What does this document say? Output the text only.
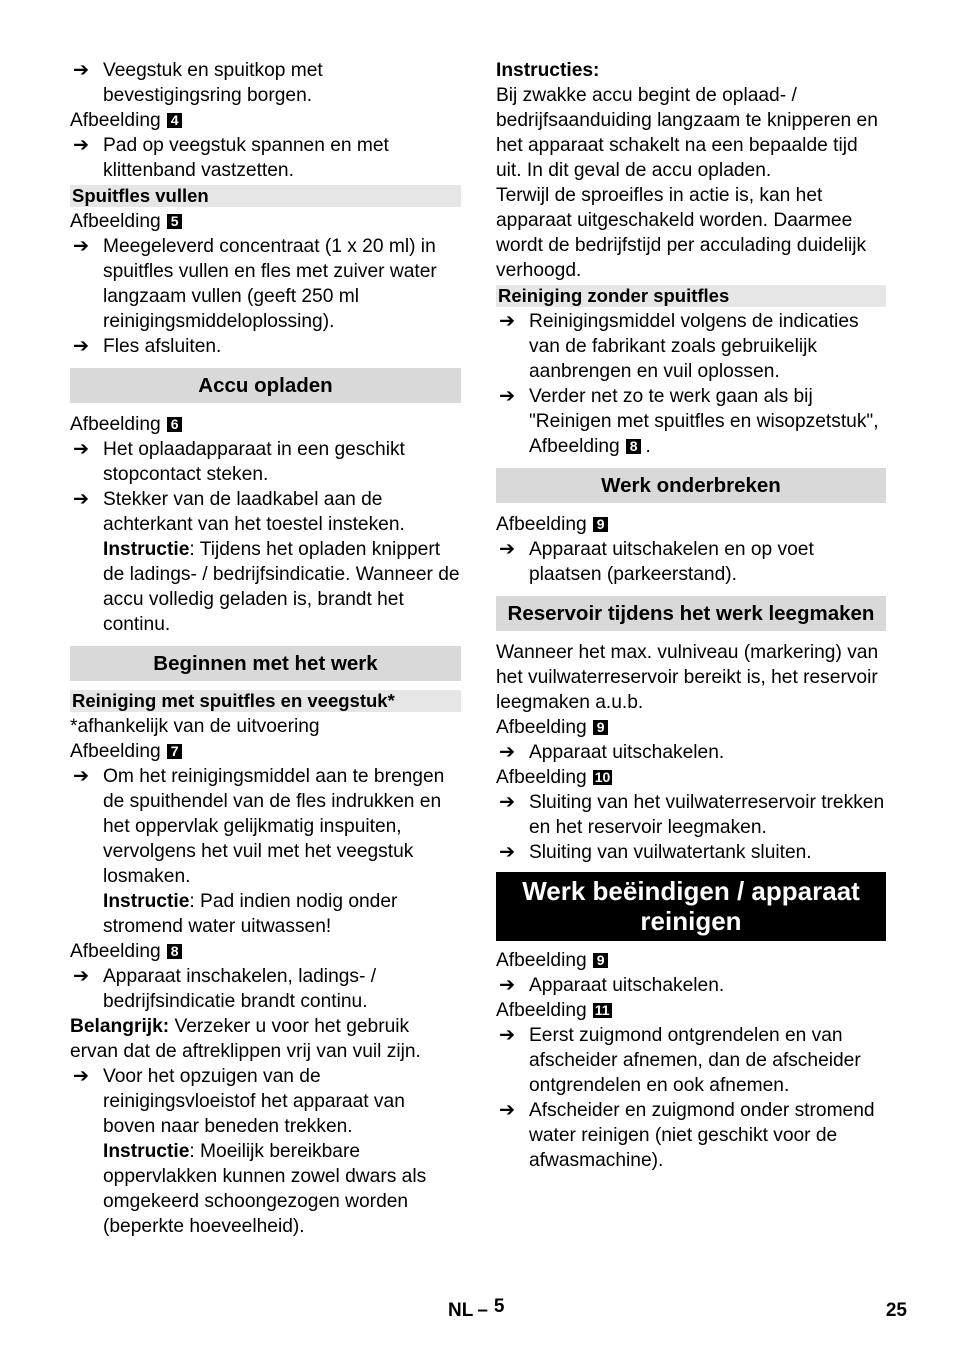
➔ Veegstuk en spuitkop met bevestigingsring borgen.
Afbeelding 4
➔ Pad op veegstuk spannen en met klittenband vastzetten.
Spuitfles vullen
Afbeelding 5
➔ Meegeleverd concentraat (1 x 20 ml) in spuitfles vullen en fles met zuiver water langzaam vullen (geeft 250 ml reinigingsmiddeloplossing).
➔ Fles afsluiten.
Accu opladen
Afbeelding 6
➔ Het oplaadapparaat in een geschikt stopcontact steken.
➔ Stekker van de laadkabel aan de achterkant van het toestel insteken.
Instructie: Tijdens het opladen knippert de ladings- / bedrijfsindicatie. Wanneer de accu volledig geladen is, brandt het continu.
Beginnen met het werk
Reiniging met spuitfles en veegstuk*
*afhankelijk van de uitvoering
Afbeelding 7
➔ Om het reinigingsmiddel aan te brengen de spuithendel van de fles indrukken en het oppervlak gelijkmatig inspuiten, vervolgens het vuil met het veegstuk losmaken.
Instructie: Pad indien nodig onder stromend water uitwassen!
Afbeelding 8
➔ Apparaat inschakelen, ladings- / bedrijfsindicatie brandt continu.
Belangrijk: Verzeker u voor het gebruik ervan dat de aftreklippen vrij van vuil zijn.
➔ Voor het opzuigen van de reinigingsvloeistof het apparaat van boven naar beneden trekken.
Instructie: Moeilijk bereikbare oppervlakken kunnen zowel dwars als omgekeerd schoongezogen worden (beperkte hoeveelheid).
Instructies:
Bij zwakke accu begint de oplaad- / bedrijfsaanduiding langzaam te knipperen en het apparaat schakelt na een bepaalde tijd uit. In dit geval de accu opladen.
Terwijl de sproeifles in actie is, kan het apparaat uitgeschakeld worden. Daarmee wordt de bedrijfstijd per acculading duidelijk verhoogd.
Reiniging zonder spuitfles
➔ Reinigingsmiddel volgens de indicaties van de fabrikant zoals gebruikelijk aanbrengen en vuil oplossen.
➔ Verder net zo te werk gaan als bij "Reinigen met spuitfles en wisopzetstuk", Afbeelding 8 .
Werk onderbreken
Afbeelding 9
➔ Apparaat uitschakelen en op voet plaatsen (parkeerstand).
Reservoir tijdens het werk leegmaken
Wanneer het max. vulniveau (markering) van het vuilwaterreservoir bereikt is, het reservoir leegmaken a.u.b.
Afbeelding 9
➔ Apparaat uitschakelen.
Afbeelding 10
➔ Sluiting van het vuilwaterreservoir trekken en het reservoir leegmaken.
➔ Sluiting van vuilwatertank sluiten.
Werk beëindigen / apparaat reinigen
Afbeelding 9
➔ Apparaat uitschakelen.
Afbeelding 11
➔ Eerst zuigmond ontgrendelen en van afscheider afnemen, dan de afscheider ontgrendelen en ook afnemen.
➔ Afscheider en zuigmond onder stromend water reinigen (niet geschikt voor de afwasmachine).
NL – 5	25
